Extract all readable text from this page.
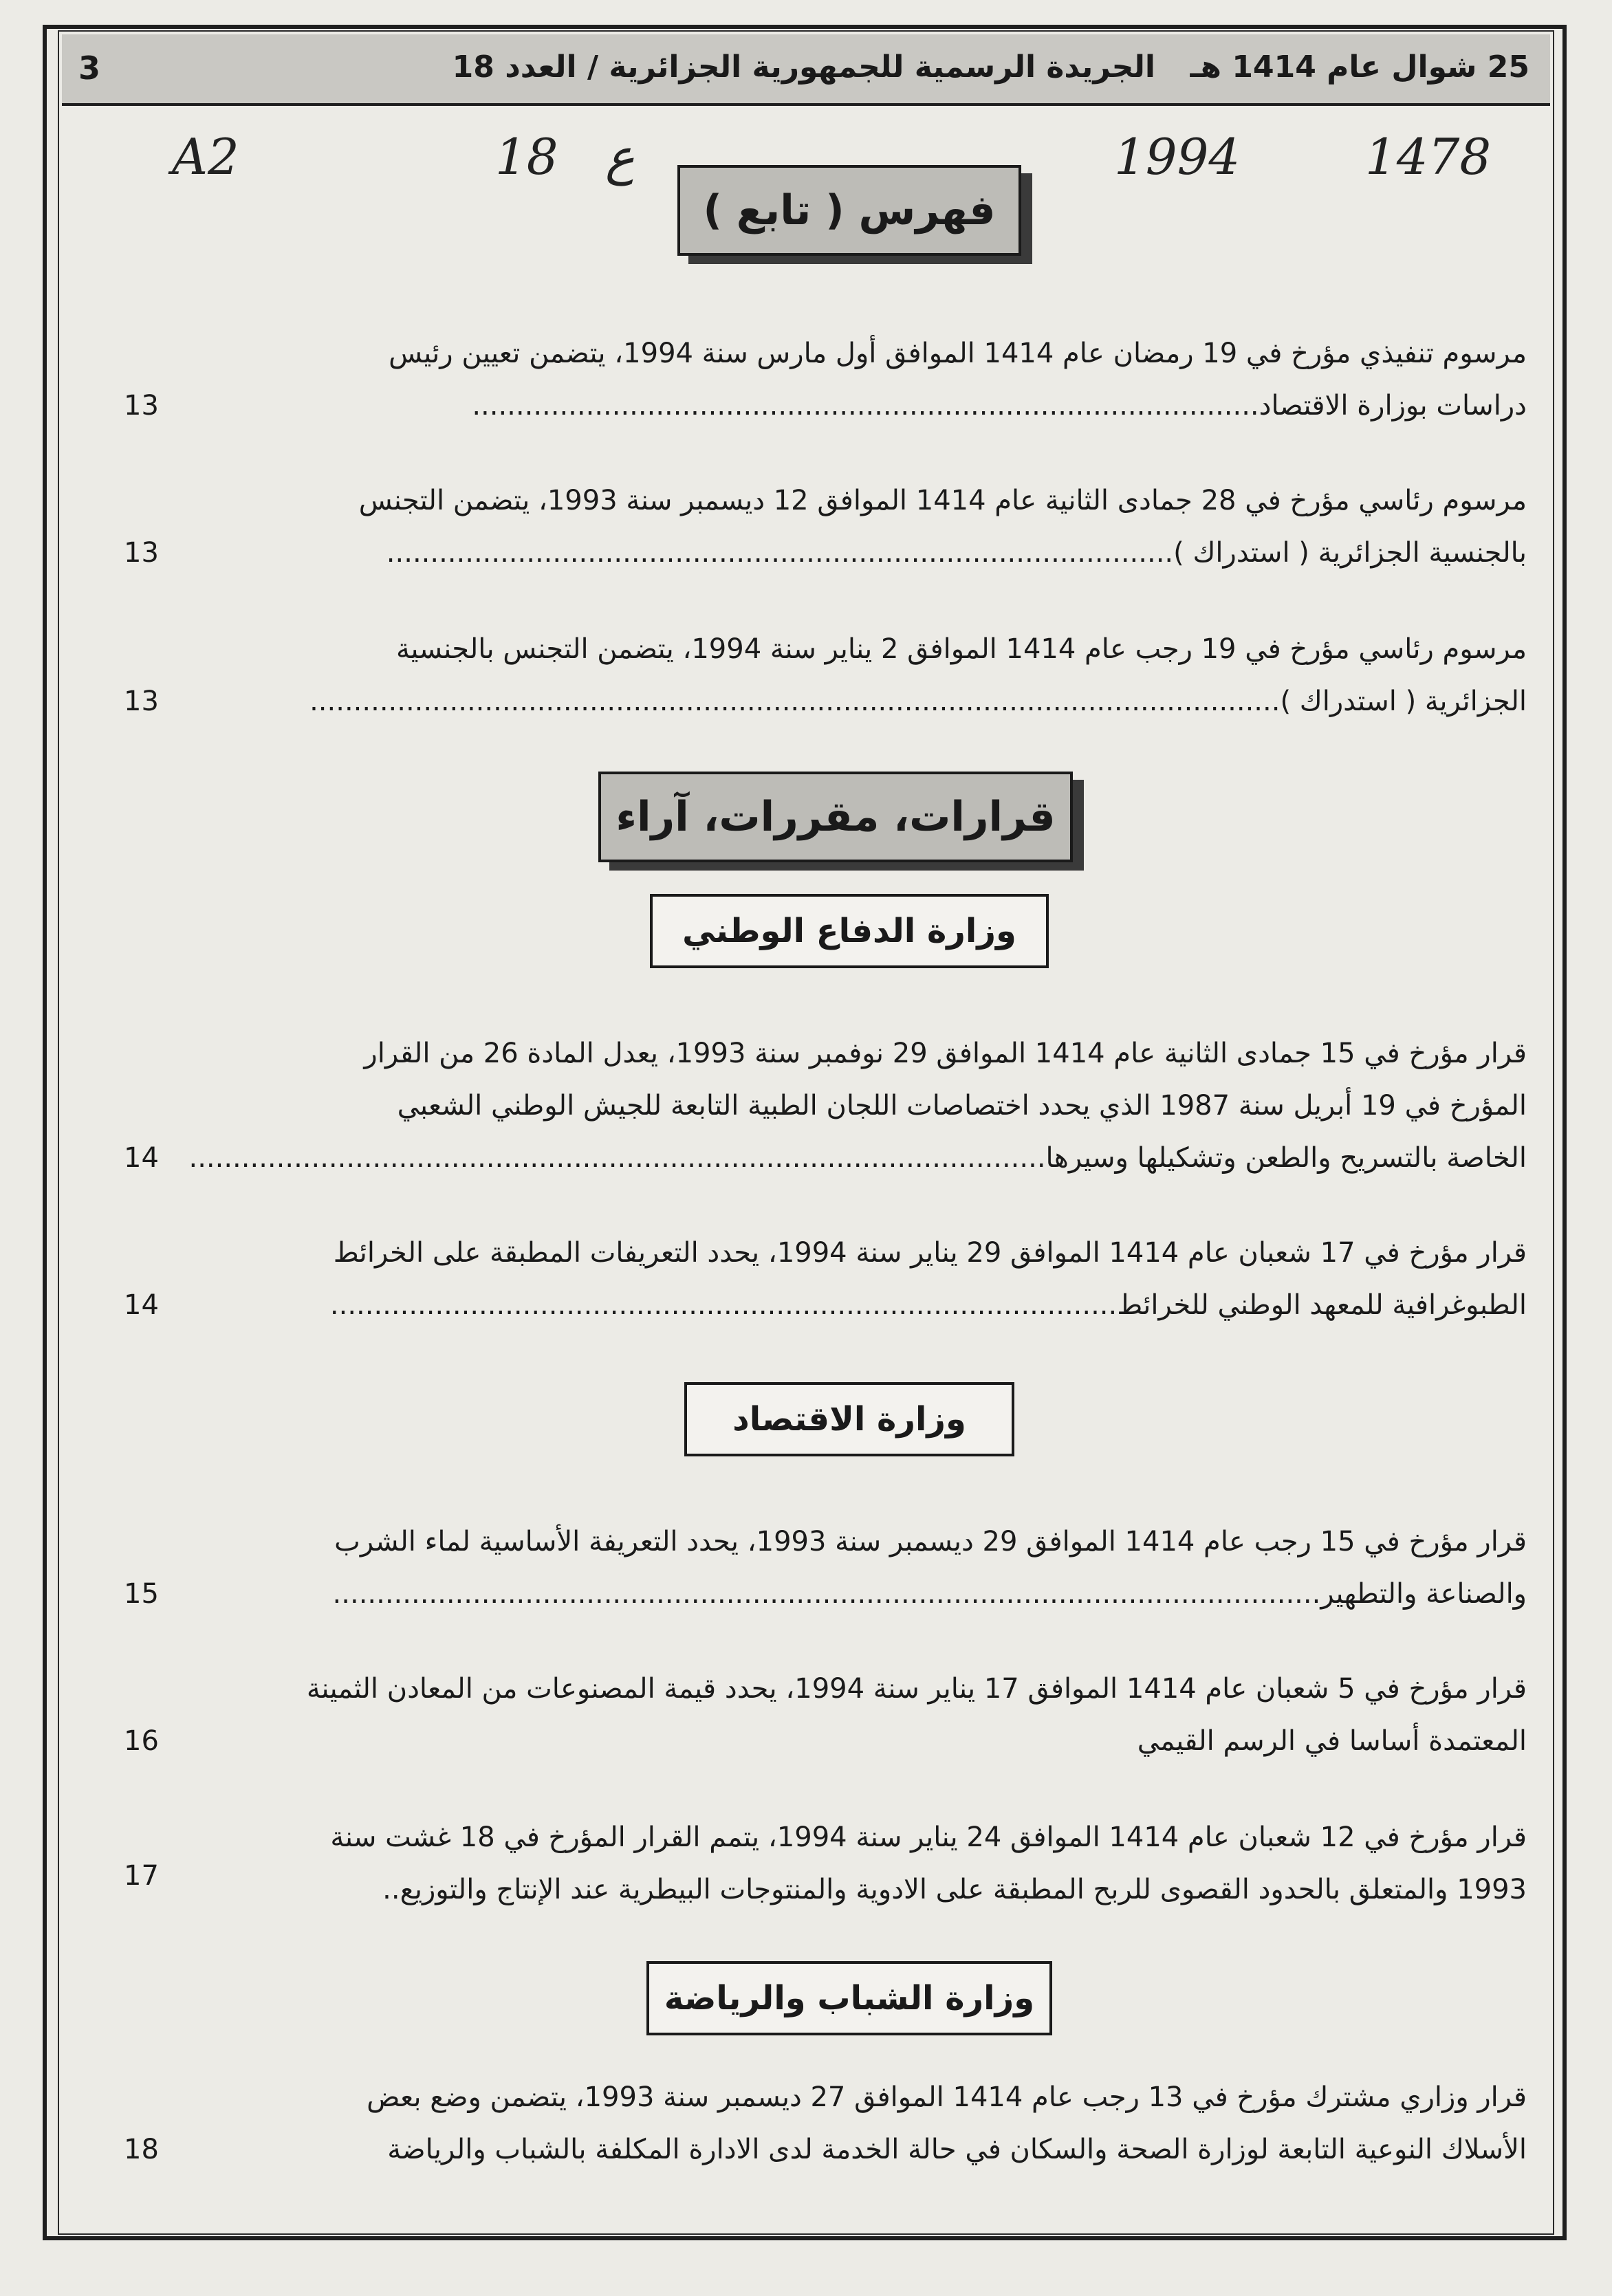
3	الجريدة الرسمية للجمهورية الجزائرية / العدد 18 25 شوال عام 1414 هـ
A2	18 ع	1994	1478
فهرس ( تابع )
مرسوم تنفيذي مؤرخ في 19 رمضان عام 1414 الموافق أول مارس سنة 1994، يتضمن تعيين رئيس
دراسات بوزارة الاقتصاد..........................................................................................
13
مرسوم رئاسي مؤرخ في 28 جمادى الثانية عام 1414 الموافق 12 ديسمبر سنة 1993، يتضمن التجنس
بالجنسية الجزائرية ( استدراك )..........................................................................................
13
مرسوم رئاسي مؤرخ في 19 رجب عام 1414 الموافق 2 يناير سنة 1994، يتضمن التجنس بالجنسية
الجزائرية ( استدراك )...............................................................................................................
13
قرارات، مقررات، آراء
وزارة الدفاع الوطني
قرار مؤرخ في 15 جمادى الثانية عام 1414 الموافق 29 نوفمبر سنة 1993، يعدل المادة 26 من القرار
المؤرخ في 19 أبريل سنة 1987 الذي يحدد اختصاصات اللجان الطبية التابعة للجيش الوطني الشعبي
الخاصة بالتسريح والطعن وتشكيلها وسيرها..................................................................................................
14
قرار مؤرخ في 17 شعبان عام 1414 الموافق 29 يناير سنة 1994، يحدد التعريفات المطبقة على الخرائط
الطبوغرافية للمعهد الوطني للخرائط..........................................................................................
14
وزارة الاقتصاد
قرار مؤرخ في 15 رجب عام 1414 الموافق 29 ديسمبر سنة 1993، يحدد التعريفة الأساسية لماء الشرب
والصناعة والتطهير.................................................................................................................
15
قرار مؤرخ في 5 شعبان عام 1414 الموافق 17 يناير سنة 1994، يحدد قيمة المصنوعات من المعادن الثمينة
المعتمدة أساسا في الرسم القيمي
16
قرار مؤرخ في 12 شعبان عام 1414 الموافق 24 يناير سنة 1994، يتمم القرار المؤرخ في 18 غشت سنة
1993 والمتعلق بالحدود القصوى للربح المطبقة على الادوية والمنتوجات البيطرية عند الإنتاج والتوزيع..
17
وزارة الشباب والرياضة
قرار وزاري مشترك مؤرخ في 13 رجب عام 1414 الموافق 27 ديسمبر سنة 1993، يتضمن وضع بعض
الأسلاك النوعية التابعة لوزارة الصحة والسكان في حالة الخدمة لدى الادارة المكلفة بالشباب والرياضة
18
